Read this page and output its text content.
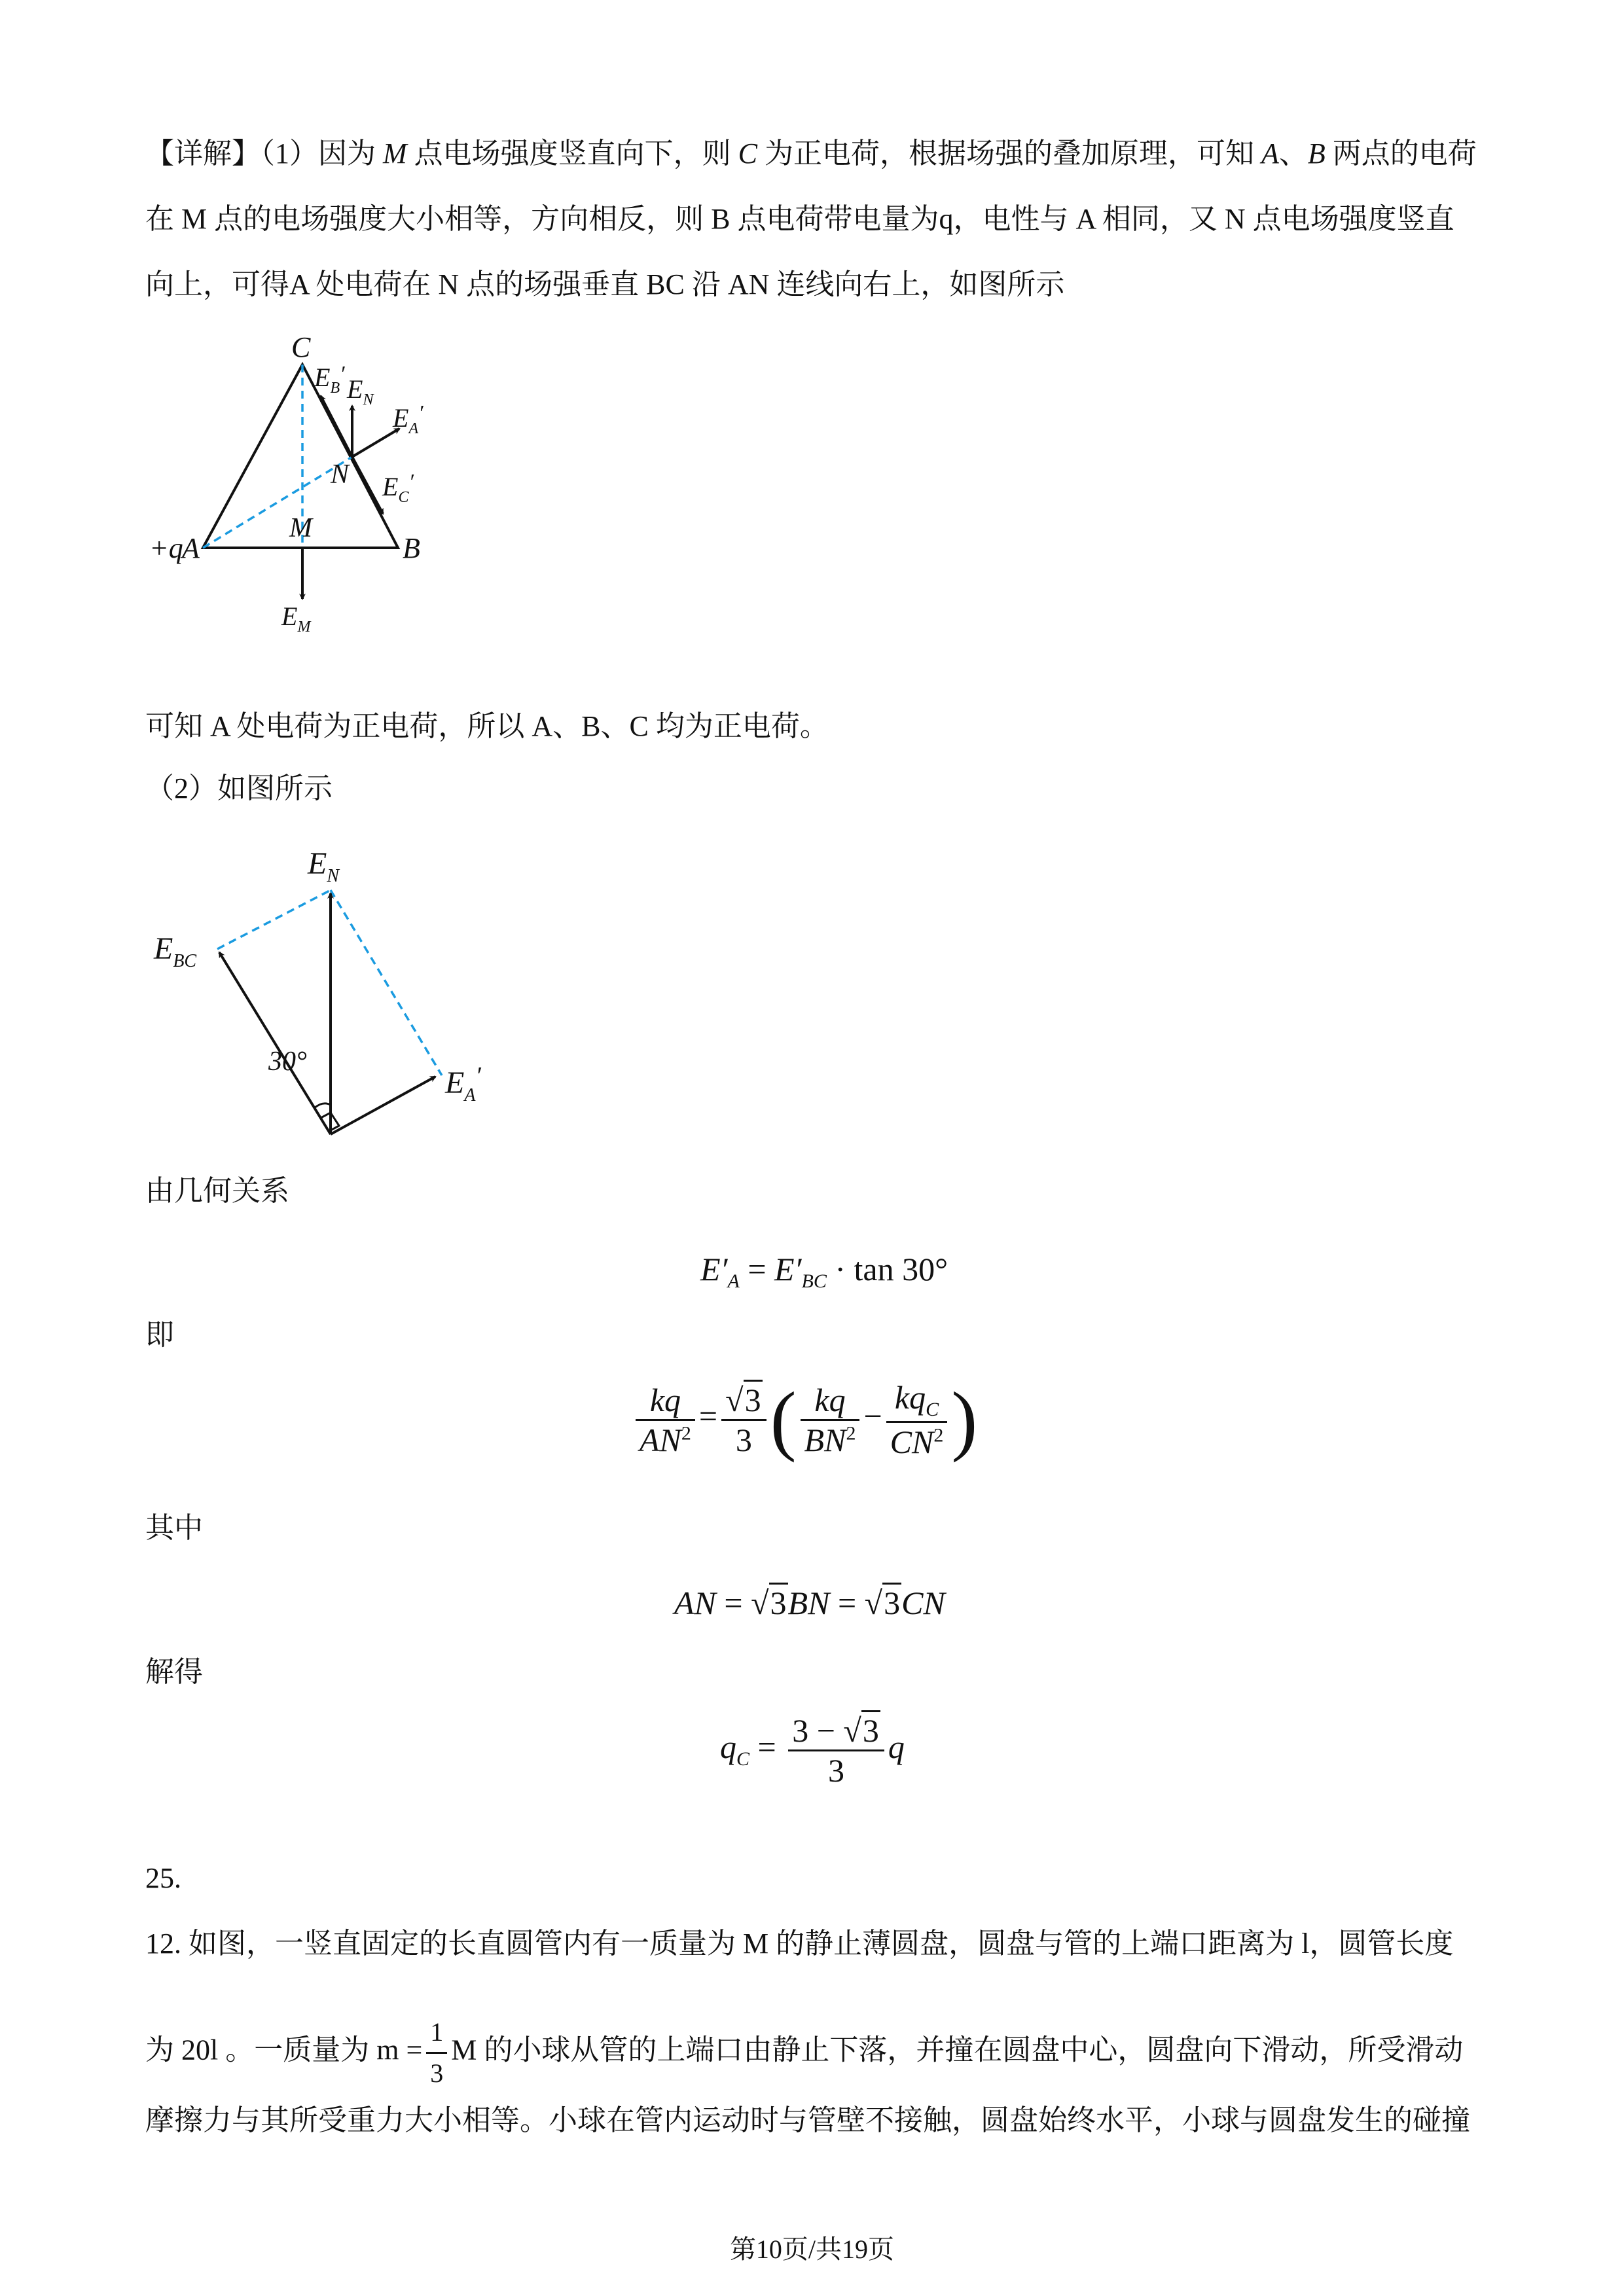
【详解】（1）因为 M 点电场强度竖直向下，则 C 为正电荷，根据场强的叠加原理，可知 A、B 两点的电荷
在 M 点的电场强度大小相等，方向相反，则 B 点电荷带电量为q，电性与 A 相同，又 N 点电场强度竖直
向上，可得A 处电荷在 N 点的场强垂直 BC 沿 AN 连线向右上，如图所示
C
+q
A	B
M
N
$E_B'$
$E_N$
$E_A'$
$E_C'$
$E_M$
可知 A 处电荷为正电荷，所以 A、B、C 均为正电荷。
（2）如图所示
$E_N$
$E_{BC}$
30°
$E_A'$
由几何关系
$E'_A = E'_{BC} \cdot \tan 30^\circ$
即
$\frac{kq}{AN^2} = \frac{√3}{3}$ ( $\frac{kq}{BN^2} - \frac{kq_C}{CN^2}$ )
其中
AN = √3BN = √3CN
解得
$q_C = \frac{3 - √3}{3}$ q
25.
12. 如图，一竖直固定的长直圆管内有一质量为 M 的静止薄圆盘，圆盘与管的上端口距离为 l，圆管长度
为 20l 。一质量为 $m = \frac{1}{3}$ M 的小球从管的上端口由静止下落，并撞在圆盘中心，圆盘向下滑动，所受滑动
摩擦力与其所受重力大小相等。小球在管内运动时与管壁不接触，圆盘始终水平，小球与圆盘发生的碰撞
第10页/共19页
